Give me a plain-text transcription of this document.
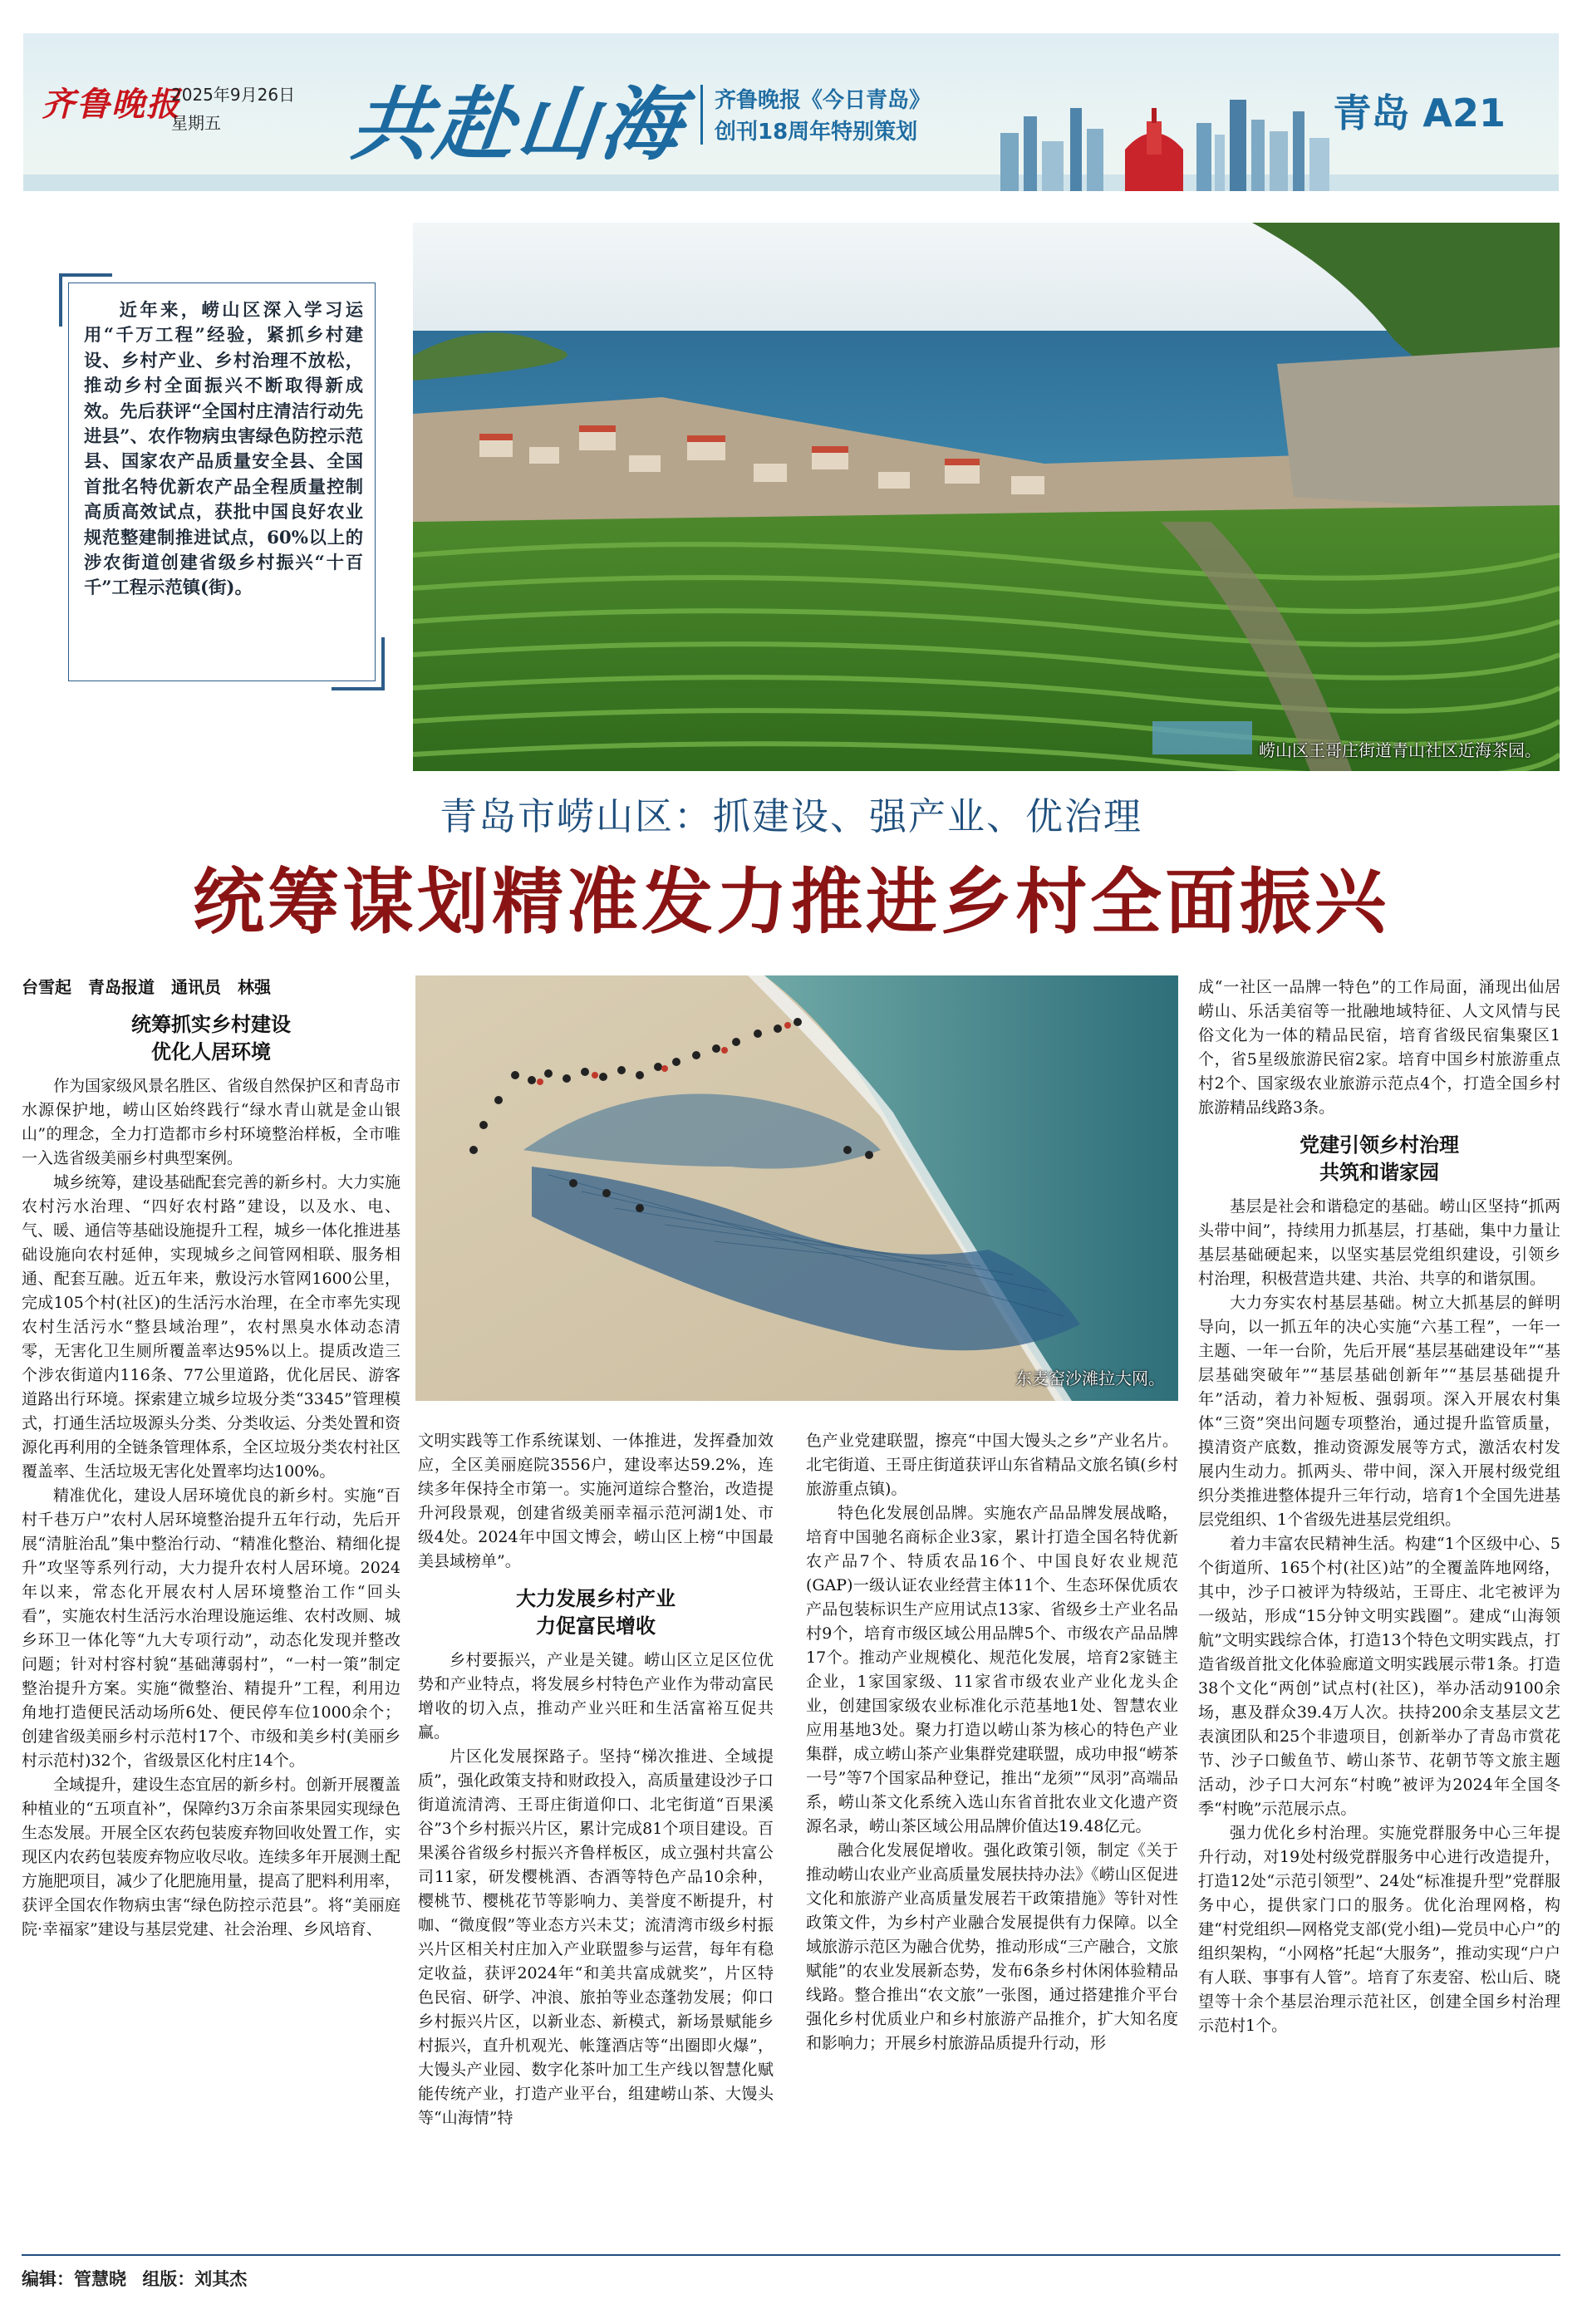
齐鲁晚报
2025年9月26日
星期五 共赴山海 齐鲁晚报《今日青岛》
创刊18周年特别策划	青岛 A21
崂山区王哥庄街道青山社区近海茶园。

近年来，崂山区深入学习运用“千万工程”经验，紧抓乡村建设、乡村产业、乡村治理不放松，推动乡村全面振兴不断取得新成效。先后获评“全国村庄清洁行动先进县”、农作物病虫害绿色防控示范县、国家农产品质量安全县、全国首批名特优新农产品全程质量控制高质高效试点，获批中国良好农业规范整建制推进试点，60%以上的涉农街道创建省级乡村振兴“十百千”工程示范镇(街)。

青岛市崂山区：抓建设、强产业、优治理
统筹谋划精准发力推进乡村全面振兴
东麦窑沙滩拉大网。
台雪起　青岛报道　通讯员　林强
统筹抓实乡村建设
优化人居环境

作为国家级风景名胜区、省级自然保护区和青岛市水源保护地，崂山区始终践行“绿水青山就是金山银山”的理念，全力打造都市乡村环境整治样板，全市唯一入选省级美丽乡村典型案例。

城乡统筹，建设基础配套完善的新乡村。大力实施农村污水治理、“四好农村路”建设，以及水、电、气、暖、通信等基础设施提升工程，城乡一体化推进基础设施向农村延伸，实现城乡之间管网相联、服务相通、配套互融。近五年来，敷设污水管网1600公里，完成105个村(社区)的生活污水治理，在全市率先实现农村生活污水“整县域治理”，农村黑臭水体动态清零，无害化卫生厕所覆盖率达95%以上。提质改造三个涉农街道内116条、77公里道路，优化居民、游客道路出行环境。探索建立城乡垃圾分类“3345”管理模式，打通生活垃圾源头分类、分类收运、分类处置和资源化再利用的全链条管理体系，全区垃圾分类农村社区覆盖率、生活垃圾无害化处置率均达100%。

精准优化，建设人居环境优良的新乡村。实施“百村千巷万户”农村人居环境整治提升五年行动，先后开展“清脏治乱”集中整治行动、“精准化整治、精细化提升”攻坚等系列行动，大力提升农村人居环境。2024年以来，常态化开展农村人居环境整治工作“回头看”，实施农村生活污水治理设施运维、农村改厕、城乡环卫一体化等“九大专项行动”，动态化发现并整改问题；针对村容村貌“基础薄弱村”，“一村一策”制定整治提升方案。实施“微整治、精提升”工程，利用边角地打造便民活动场所6处、便民停车位1000余个；创建省级美丽乡村示范村17个、市级和美乡村(美丽乡村示范村)32个，省级景区化村庄14个。

全域提升，建设生态宜居的新乡村。创新开展覆盖种植业的“五项直补”，保障约3万余亩茶果园实现绿色生态发展。开展全区农药包装废弃物回收处置工作，实现区内农药包装废弃物应收尽收。连续多年开展测土配方施肥项目，减少了化肥施用量，提高了肥料利用率，获评全国农作物病虫害“绿色防控示范县”。将“美丽庭院·幸福家”建设与基层党建、社会治理、乡风培育、

文明实践等工作系统谋划、一体推进，发挥叠加效应，全区美丽庭院3556户，建设率达59.2%，连续多年保持全市第一。实施河道综合整治，改造提升河段景观，创建省级美丽幸福示范河湖1处、市级4处。2024年中国文博会，崂山区上榜“中国最美县域榜单”。

大力发展乡村产业
力促富民增收

乡村要振兴，产业是关键。崂山区立足区位优势和产业特点，将发展乡村特色产业作为带动富民增收的切入点，推动产业兴旺和生活富裕互促共赢。

片区化发展探路子。坚持“梯次推进、全域提质”，强化政策支持和财政投入，高质量建设沙子口街道流清湾、王哥庄街道仰口、北宅街道“百果溪谷”3个乡村振兴片区，累计完成81个项目建设。百果溪谷省级乡村振兴齐鲁样板区，成立强村共富公司11家，研发樱桃酒、杏酒等特色产品10余种，樱桃节、樱桃花节等影响力、美誉度不断提升，村咖、“微度假”等业态方兴未艾；流清湾市级乡村振兴片区相关村庄加入产业联盟参与运营，每年有稳定收益，获评2024年“和美共富成就奖”，片区特色民宿、研学、冲浪、旅拍等业态蓬勃发展；仰口乡村振兴片区，以新业态、新模式，新场景赋能乡村振兴，直升机观光、帐篷酒店等“出圈即火爆”，大馒头产业园、数字化茶叶加工生产线以智慧化赋能传统产业，打造产业平台，组建崂山茶、大馒头等“山海情”特

色产业党建联盟，擦亮“中国大馒头之乡”产业名片。北宅街道、王哥庄街道获评山东省精品文旅名镇(乡村旅游重点镇)。

特色化发展创品牌。实施农产品品牌发展战略，培育中国驰名商标企业3家，累计打造全国名特优新农产品7个、特质农品16个、中国良好农业规范(GAP)一级认证农业经营主体11个、生态环保优质农产品包装标识生产应用试点13家、省级乡土产业名品村9个，培育市级区域公用品牌5个、市级农产品品牌17个。推动产业规模化、规范化发展，培育2家链主企业，1家国家级、11家省市级农业产业化龙头企业，创建国家级农业标准化示范基地1处、智慧农业应用基地3处。聚力打造以崂山茶为核心的特色产业集群，成立崂山茶产业集群党建联盟，成功申报“崂茶一号”等7个国家品种登记，推出“龙须”“凤羽”高端品系，崂山茶文化系统入选山东省首批农业文化遗产资源名录，崂山茶区域公用品牌价值达19.48亿元。

融合化发展促增收。强化政策引领，制定《关于推动崂山农业产业高质量发展扶持办法》《崂山区促进文化和旅游产业高质量发展若干政策措施》等针对性政策文件，为乡村产业融合发展提供有力保障。以全域旅游示范区为融合优势，推动形成“三产融合，文旅赋能”的农业发展新态势，发布6条乡村休闲体验精品线路。整合推出“农文旅”一张图，通过搭建推介平台强化乡村优质业户和乡村旅游产品推介，扩大知名度和影响力；开展乡村旅游品质提升行动，形

成“一社区一品牌一特色”的工作局面，涌现出仙居崂山、乐活美宿等一批融地域特征、人文风情与民俗文化为一体的精品民宿，培育省级民宿集聚区1个，省5星级旅游民宿2家。培育中国乡村旅游重点村2个、国家级农业旅游示范点4个，打造全国乡村旅游精品线路3条。

党建引领乡村治理
共筑和谐家园

基层是社会和谐稳定的基础。崂山区坚持“抓两头带中间”，持续用力抓基层，打基础，集中力量让基层基础硬起来，以坚实基层党组织建设，引领乡村治理，积极营造共建、共治、共享的和谐氛围。

大力夯实农村基层基础。树立大抓基层的鲜明导向，以一抓五年的决心实施“六基工程”，一年一主题、一年一台阶，先后开展“基层基础建设年”“基层基础突破年”“基层基础创新年”“基层基础提升年”活动，着力补短板、强弱项。深入开展农村集体“三资”突出问题专项整治，通过提升监管质量，摸清资产底数，推动资源发展等方式，激活农村发展内生动力。抓两头、带中间，深入开展村级党组织分类推进整体提升三年行动，培育1个全国先进基层党组织、1个省级先进基层党组织。

着力丰富农民精神生活。构建“1个区级中心、5个街道所、165个村(社区)站”的全覆盖阵地网络，其中，沙子口被评为特级站，王哥庄、北宅被评为一级站，形成“15分钟文明实践圈”。建成“山海领航”文明实践综合体，打造13个特色文明实践点，打造省级首批文化体验廊道文明实践展示带1条。打造38个文化“两创”试点村(社区)，举办活动9100余场，惠及群众39.4万人次。扶持200余支基层文艺表演团队和25个非遗项目，创新举办了青岛市赏花节、沙子口鲅鱼节、崂山茶节、花朝节等文旅主题活动，沙子口大河东“村晚”被评为2024年全国冬季“村晚”示范展示点。

强力优化乡村治理。实施党群服务中心三年提升行动，对19处村级党群服务中心进行改造提升，打造12处“示范引领型”、24处“标准提升型”党群服务中心，提供家门口的服务。优化治理网格，构建“村党组织—网格党支部(党小组)—党员中心户”的组织架构，“小网格”托起“大服务”，推动实现“户户有人联、事事有人管”。培育了东麦窑、松山后、晓望等十余个基层治理示范社区，创建全国乡村治理示范村1个。

编辑：管慧晓 组版：刘其杰
